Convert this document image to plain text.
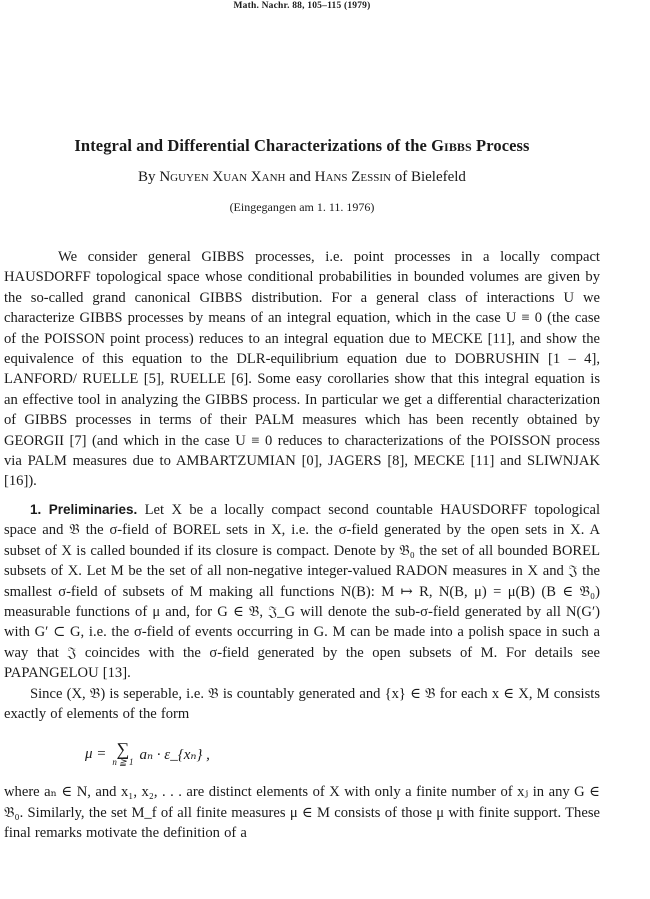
Math. Nachr. 88, 105–115 (1979)

Integral and Differential Characterizations of the Gibbs Process

By Nguyen Xuan Xanh and Hans Zessin of Bielefeld

(Eingegangen am 1. 11. 1976)

We consider general GIBBS processes, i.e. point processes in a locally compact HAUSDORFF topological space whose conditional probabilities in bounded volumes are given by the so-called grand canonical GIBBS distribution. For a general class of interactions U we characterize GIBBS processes by means of an integral equation, which in the case U ≡ 0 (the case of the POISSON point process) reduces to an integral equation due to MECKE [11], and show the equivalence of this equation to the DLR-equilibrium equation due to DOBRUSHIN [1 – 4], LANFORD/ RUELLE [5], RUELLE [6]. Some easy corollaries show that this integral equation is an effective tool in analyzing the GIBBS process. In particular we get a differential characterization of GIBBS processes in terms of their PALM measures which has been recently obtained by GEORGII [7] (and which in the case U ≡ 0 reduces to characterizations of the POISSON process via PALM measures due to AMBARTZUMIAN [0], JAGERS [8], MECKE [11] and SLIWNJAK [16]).

1. Preliminaries. Let X be a locally compact second countable HAUSDORFF topological space and 𝔅 the σ-field of BOREL sets in X, i.e. the σ-field generated by the open sets in X. A subset of X is called bounded if its closure is compact. Denote by 𝔅₀ the set of all bounded BOREL subsets of X. Let M be the set of all non-negative integer-valued RADON measures in X and 𝔍 the smallest σ-field of subsets of M making all functions N(B): M ↦ R, N(B, μ) = μ(B) (B ∈ 𝔅₀) measurable functions of μ and, for G ∈ 𝔅, 𝔍_G will denote the sub-σ-field generated by all N(G′) with G′ ⊂ G, i.e. the σ-field of events occurring in G. M can be made into a polish space in such a way that 𝔍 coincides with the σ-field generated by the open subsets of M. For details see PAPANGELOU [13].

Since (X, 𝔅) is seperable, i.e. 𝔅 is countably generated and {x} ∈ 𝔅 for each x ∈ X, M consists exactly of elements of the form

μ = ∑
n ≧ 1 aₙ · ε_{xₙ} ,

where aₙ ∈ N, and x₁, x₂, . . . are distinct elements of X with only a finite number of xⱼ in any G ∈ 𝔅₀. Similarly, the set M_f of all finite measures μ ∈ M consists of those μ with finite support. These final remarks motivate the definition of a
